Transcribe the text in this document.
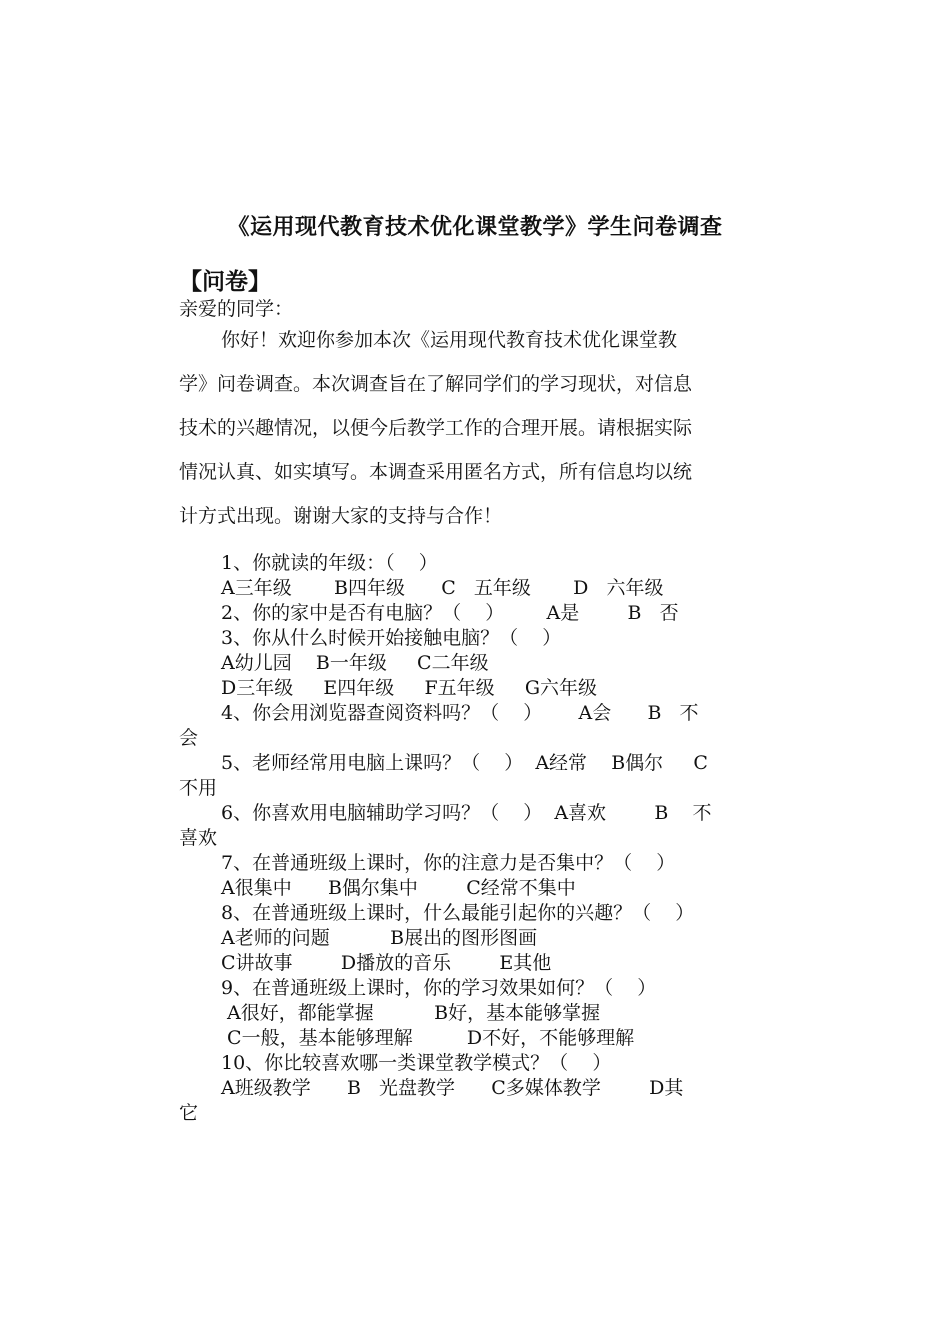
《运用现代教育技术优化课堂教学》学生问卷调查
【问卷】
亲爱的同学：
你好！欢迎你参加本次《运用现代教育技术优化课堂教
学》问卷调查。本次调查旨在了解同学们的学习现状，对信息
技术的兴趣情况，以便今后教学工作的合理开展。请根据实际
情况认真、如实填写。本调查采用匿名方式，所有信息均以统
计方式出现。谢谢大家的支持与合作！
1、你就读的年级：（    ）
A三年级       B四年级      C   五年级       D   六年级
2、你的家中是否有电脑？（    ）       A是        B   否
3、你从什么时候开始接触电脑？（    ）
A幼儿园    B一年级     C二年级
D三年级     E四年级     F五年级     G六年级
4、你会用浏览器查阅资料吗？（    ）      A会      B   不
会
5、老师经常用电脑上课吗？（    ）  A经常    B偶尔     C
不用
6、你喜欢用电脑辅助学习吗？（    ）  A喜欢        B    不
喜欢
7、在普通班级上课时，你的注意力是否集中？（    ）
A很集中      B偶尔集中        C经常不集中
8、在普通班级上课时，什么最能引起你的兴趣？（    ）
A老师的问题          B展出的图形图画
C讲故事        D播放的音乐        E其他
9、在普通班级上课时，你的学习效果如何？（    ）
A很好，都能掌握          B好，基本能够掌握
C一般，基本能够理解         D不好，不能够理解
10、你比较喜欢哪一类课堂教学模式？（    ）
A班级教学      B   光盘教学      C多媒体教学        D其
它
